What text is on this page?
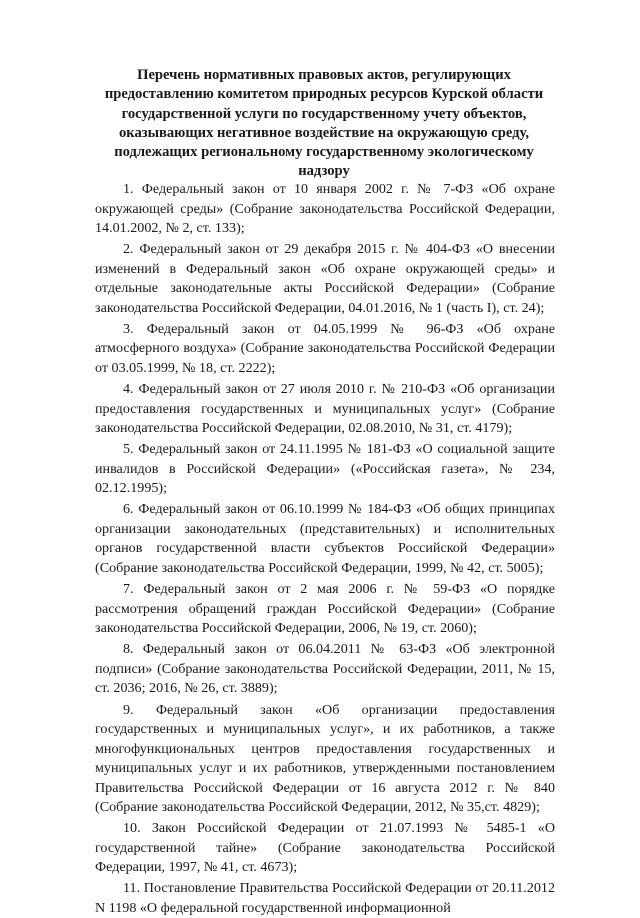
Перечень нормативных правовых актов, регулирующих
предоставлению комитетом природных ресурсов Курской области
государственной услуги по государственному учету объектов,
оказывающих негативное воздействие на окружающую среду,
подлежащих региональному государственному экологическому
надзору

1. Федеральный закон от 10 января 2002 г. № 7-ФЗ «Об охране окружающей среды» (Собрание законодательства Российской Федерации, 14.01.2002, № 2, ст. 133);

2. Федеральный закон от 29 декабря 2015 г. № 404-ФЗ «О внесении изменений в Федеральный закон «Об охране окружающей среды» и отдельные законодательные акты Российской Федерации» (Собрание законодательства Российской Федерации, 04.01.2016, № 1 (часть I), ст. 24);

3. Федеральный закон от 04.05.1999 № 96-ФЗ «Об охране атмосферного воздуха» (Собрание законодательства Российской Федерации от 03.05.1999, № 18, ст. 2222);

4. Федеральный закон от 27 июля 2010 г. № 210-ФЗ «Об организации предоставления государственных и муниципальных услуг» (Собрание законодательства Российской Федерации, 02.08.2010, № 31, ст. 4179);

5. Федеральный закон от 24.11.1995 № 181-ФЗ «О социальной защите инвалидов в Российской Федерации» («Российская газета», № 234, 02.12.1995);

6. Федеральный закон от 06.10.1999 № 184-ФЗ «Об общих принципах организации законодательных (представительных) и исполнительных органов государственной власти субъектов Российской Федерации» (Собрание законодательства Российской Федерации, 1999, № 42, ст. 5005);

7. Федеральный закон от 2 мая 2006 г. № 59-ФЗ «О порядке рассмотрения обращений граждан Российской Федерации» (Собрание законодательства Российской Федерации, 2006, № 19, ст. 2060);

8. Федеральный закон от 06.04.2011 № 63-ФЗ «Об электронной подписи» (Собрание законодательства Российской Федерации, 2011, № 15, ст. 2036; 2016, № 26, ст. 3889);

9. Федеральный закон «Об организации предоставления государственных и муниципальных услуг», и их работников, а также многофункциональных центров предоставления государственных и муниципальных услуг и их работников, утвержденными постановлением Правительства Российской Федерации от 16 августа 2012 г. № 840 (Собрание законодательства Российской Федерации, 2012, № 35,ст. 4829);

10. Закон Российской Федерации от 21.07.1993 № 5485-1 «О государственной тайне» (Собрание законодательства Российской Федерации, 1997, № 41, ст. 4673);

11. Постановление Правительства Российской Федерации от 20.11.2012 N 1198 «О федеральной государственной информационной
